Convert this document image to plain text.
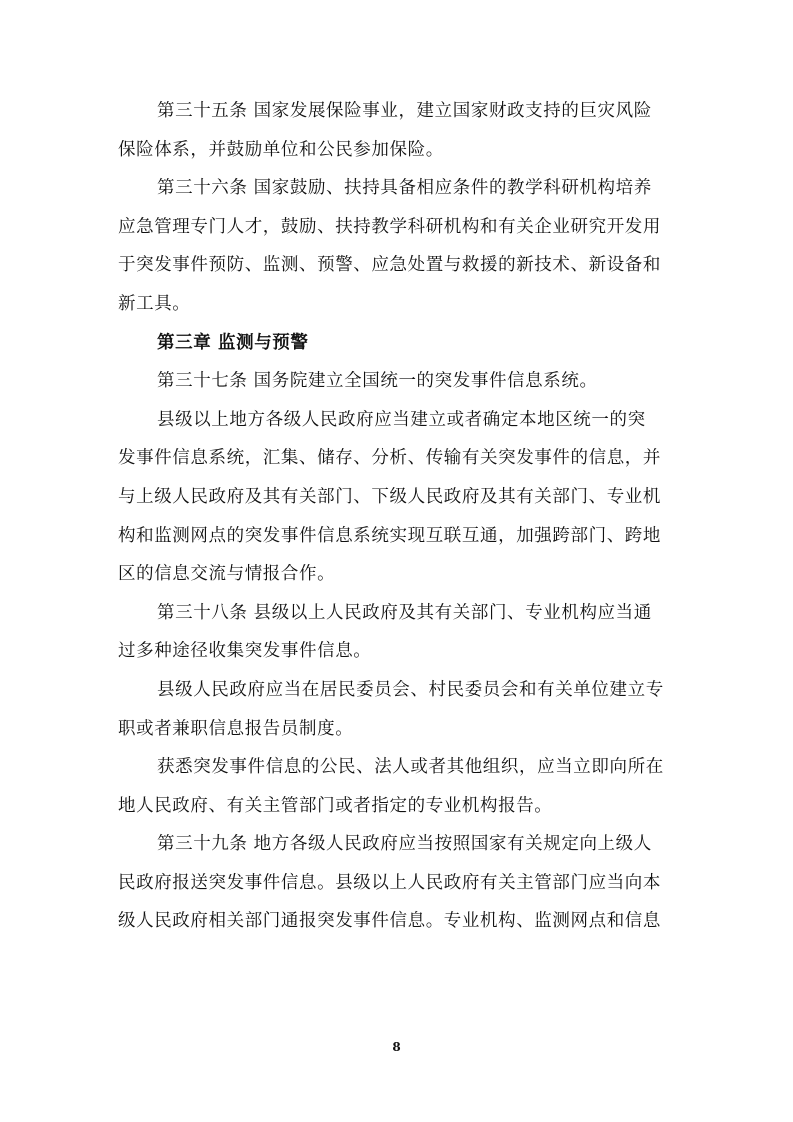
第三十五条 国家发展保险事业，建立国家财政支持的巨灾风险
保险体系，并鼓励单位和公民参加保险。
第三十六条 国家鼓励、扶持具备相应条件的教学科研机构培养
应急管理专门人才，鼓励、扶持教学科研机构和有关企业研究开发用
于突发事件预防、监测、预警、应急处置与救援的新技术、新设备和
新工具。
第三章 监测与预警
第三十七条 国务院建立全国统一的突发事件信息系统。
县级以上地方各级人民政府应当建立或者确定本地区统一的突
发事件信息系统，汇集、储存、分析、传输有关突发事件的信息，并
与上级人民政府及其有关部门、下级人民政府及其有关部门、专业机
构和监测网点的突发事件信息系统实现互联互通，加强跨部门、跨地
区的信息交流与情报合作。
第三十八条 县级以上人民政府及其有关部门、专业机构应当通
过多种途径收集突发事件信息。
县级人民政府应当在居民委员会、村民委员会和有关单位建立专
职或者兼职信息报告员制度。
获悉突发事件信息的公民、法人或者其他组织，应当立即向所在
地人民政府、有关主管部门或者指定的专业机构报告。
第三十九条 地方各级人民政府应当按照国家有关规定向上级人
民政府报送突发事件信息。县级以上人民政府有关主管部门应当向本
级人民政府相关部门通报突发事件信息。专业机构、监测网点和信息
8
